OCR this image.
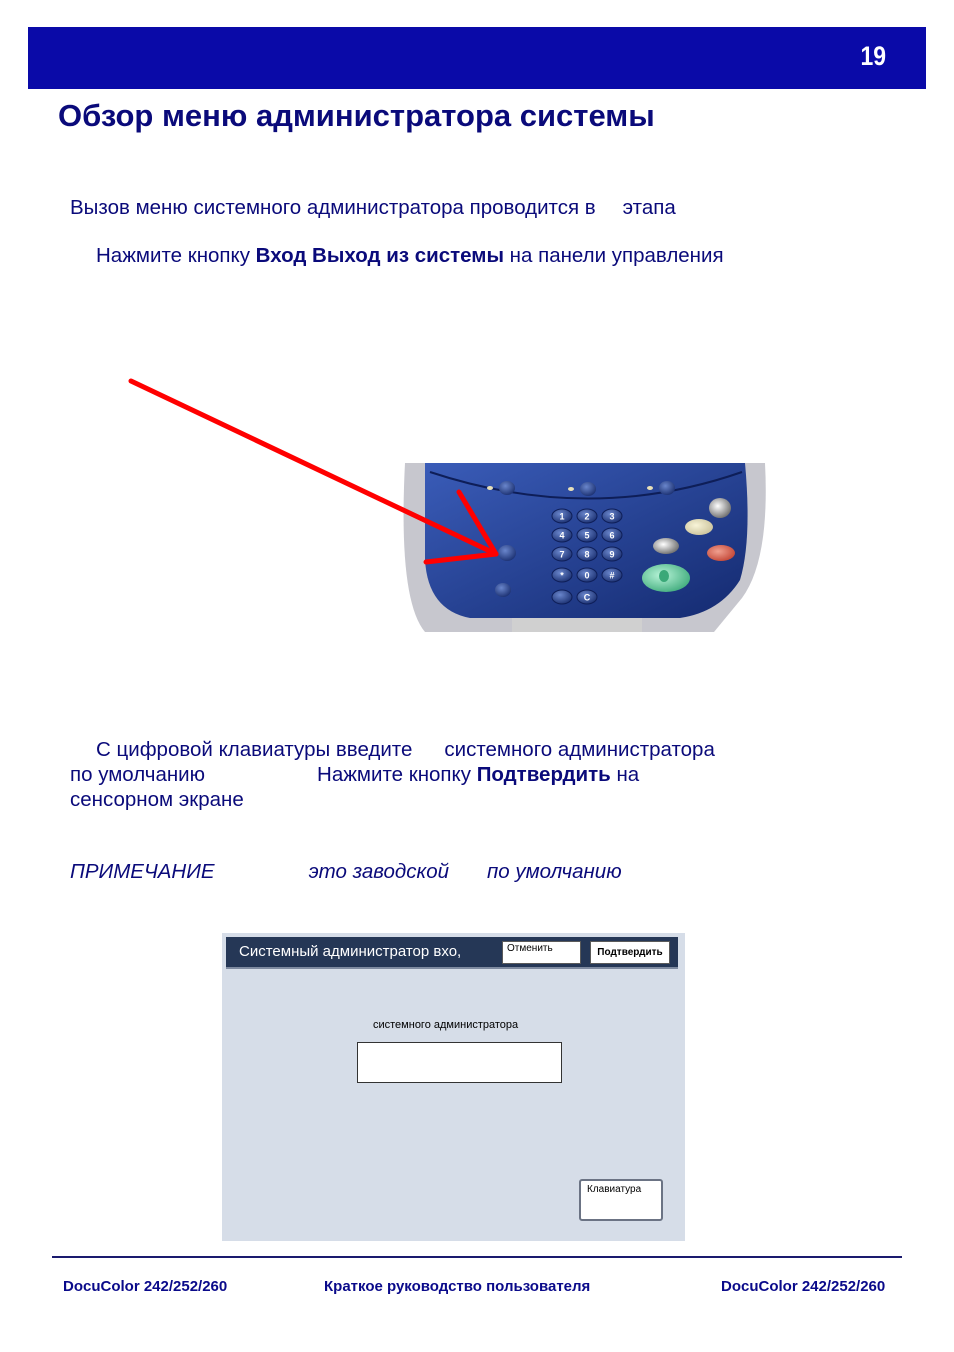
19
Обзор меню администратора системы

Вызов меню системного администратора проводится в этапа

Нажмите кнопку Вход Выход из системы на панели управления

1 2 3
4 5 6
7 8 9
* 0 #
C

С цифровой клавиатуры введите системного администратора

по умолчанию	Нажмите кнопку Подтвердить на

сенсорном экране

ПРИМЕЧАНИЕ	это заводской по умолчанию

Системный администратор вхо,	Отменить	Подтвердить
системного администратора
Клавиатура
DocuColor 242/252/260	Краткое руководство пользователя	DocuColor 242/252/260
